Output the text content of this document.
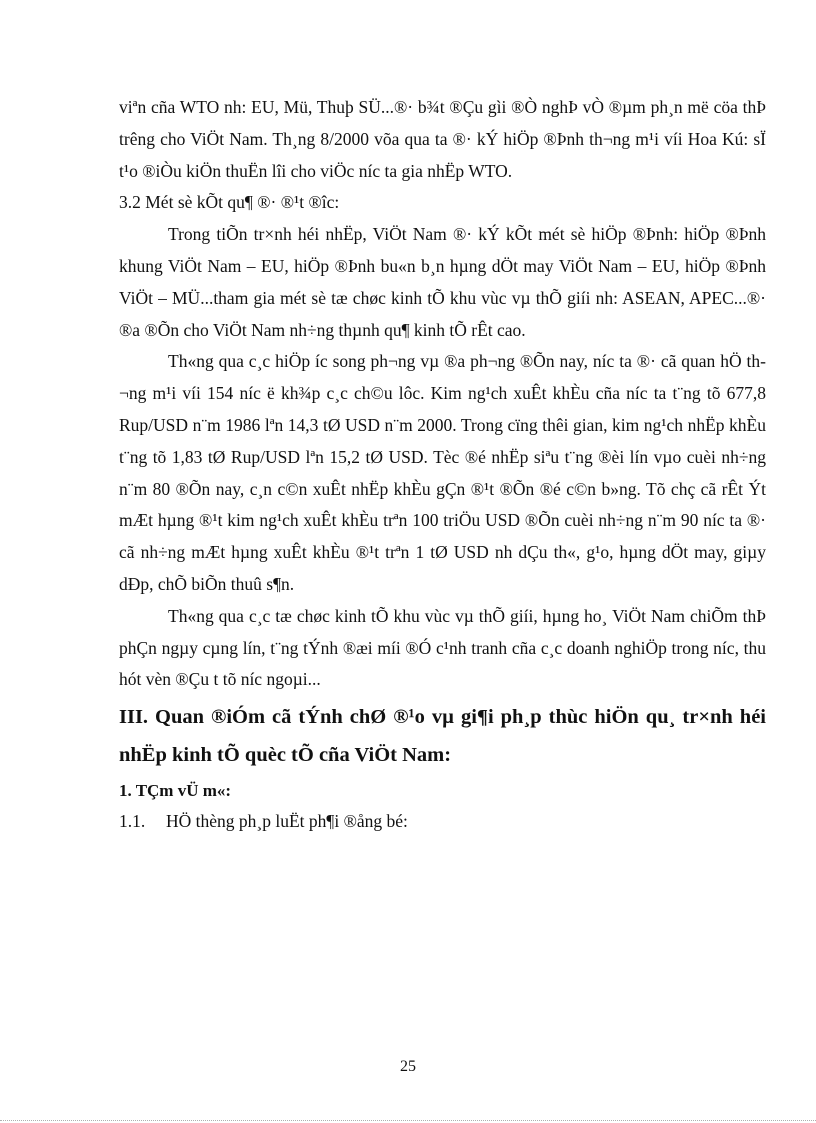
viªn cña WTO nh: EU, Mü, Thuþ SÜ...®· b¾t ®Çu gìi ®Ò nghÞ vÒ ®µm ph¸n më cöa thÞ trêng cho ViÖt Nam. Th¸ng 8/2000 võa qua ta ®· kÝ hiÖp ®Þnh th¬ng m¹i víi Hoa Kú: sÏ t¹o ®iÒu kiÖn thuËn lîi cho viÖc níc ta gia nhËp WTO.

3.2 Mét sè kÕt qu¶ ®· ®¹t ®îc:

Trong tiÕn tr×nh héi nhËp, ViÖt Nam ®· kÝ kÕt mét sè hiÖp ®Þnh: hiÖp ®Þnh khung ViÖt Nam – EU, hiÖp ®Þnh bu«n b¸n hµng dÖt may ViÖt Nam – EU, hiÖp ®Þnh ViÖt – MÜ...tham gia mét sè tæ chøc kinh tÕ khu vùc vµ thÕ giíi nh: ASEAN, APEC...®· ®a ®Õn cho ViÖt Nam nh÷ng thµnh qu¶ kinh tÕ rÊt cao.

Th«ng qua c¸c hiÖp íc song ph¬ng vµ ®a ph¬ng ®Õn nay, níc ta ®· cã quan hÖ th¬ng m¹i víi 154 níc ë kh¾p c¸c ch©u lôc. Kim ng¹ch xuÊt khÈu cña níc ta t¨ng tõ 677,8 Rup/USD n¨m 1986 lªn 14,3 tØ USD n¨m 2000. Trong cïng thêi gian, kim ng¹ch nhËp khÈu t¨ng tõ 1,83 tØ Rup/USD lªn 15,2 tØ USD. Tèc ®é nhËp siªu t¨ng ®èi lín vµo cuèi nh÷ng n¨m 80 ®Õn nay, c¸n c©n xuÊt nhËp khÈu gÇn ®¹t ®Õn ®é c©n b»ng. Tõ chç cã rÊt Ýt mÆt hµng ®¹t kim ng¹ch xuÊt khÈu trªn 100 triÖu USD ®Õn cuèi nh÷ng n¨m 90 níc ta ®· cã nh÷ng mÆt hµng xuÊt khÈu ®¹t trªn 1 tØ USD nh dÇu th«, g¹o, hµng dÖt may, giµy dÐp, chÕ biÕn thuû s¶n.

Th«ng qua c¸c tæ chøc kinh tÕ khu vùc vµ thÕ giíi, hµng ho¸ ViÖt Nam chiÕm thÞ phÇn ngµy cµng lín, t¨ng tÝnh ®æi míi ®Ó c¹nh tranh cña c¸c doanh nghiÖp trong níc, thu hót vèn ®Çu t tõ níc ngoµi...

III. Quan ®iÓm cã tÝnh chØ ®¹o vµ gi¶i ph¸p thùc hiÖn qu¸ tr×nh héi nhËp kinh tÕ quèc tÕ cña ViÖt Nam:

1. TÇm vÜ m«:

1.1. HÖ thèng ph¸p luËt ph¶i ®ång bé:

25
